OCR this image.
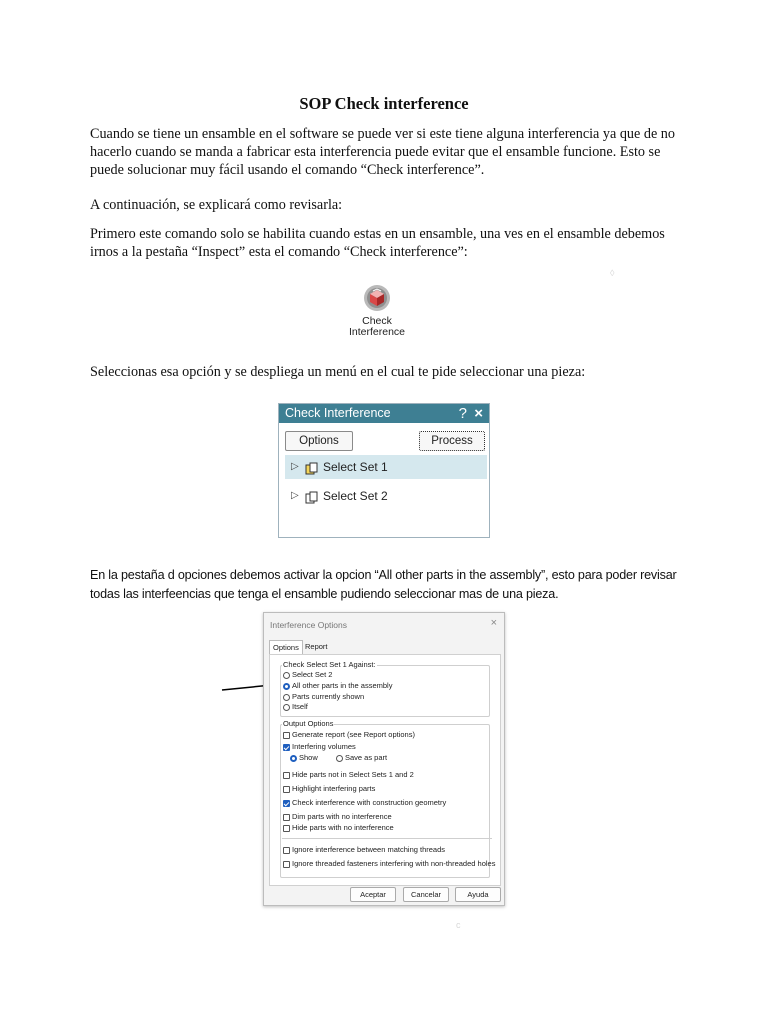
SOP Check interference

Cuando se tiene un ensamble en el software se puede ver si este tiene alguna interferencia ya que de no hacerlo cuando se manda a fabricar esta interferencia puede evitar que el ensamble funcione. Esto se puede solucionar muy fácil usando el comando “Check interference”.

A continuación, se explicará como revisarla:

Primero este comando solo se habilita cuando estas en un ensamble, una ves en el ensamble debemos irnos a la pestaña “Inspect” esta el comando “Check interference”:

Check
Interference
◊

Seleccionas esa opción y se despliega un menú en el cual te pide seleccionar una pieza:

Check Interference	? ×
Options	Process
▷ Select Set 1
▷ Select Set 2

En la pestaña d opciones debemos activar la opcion “All other parts in the assembly”, esto para poder revisar todas las interfeencias que tenga el ensamble pudiendo seleccionar mas de una pieza.

Interference Options	×
Options Report
Check Select Set 1 Against:
Select Set 2
All other parts in the assembly
Parts currently shown
Itself
Output Options
Generate report (see Report options)
Interfering volumes
Show	Save as part
Hide parts not in Select Sets 1 and 2
Highlight interfering parts
Check interference with construction geometry
Dim parts with no interference
Hide parts with no interference
Ignore interference between matching threads
Ignore threaded fasteners interfering with non-threaded holes
Aceptar	Cancelar	Ayuda
c
